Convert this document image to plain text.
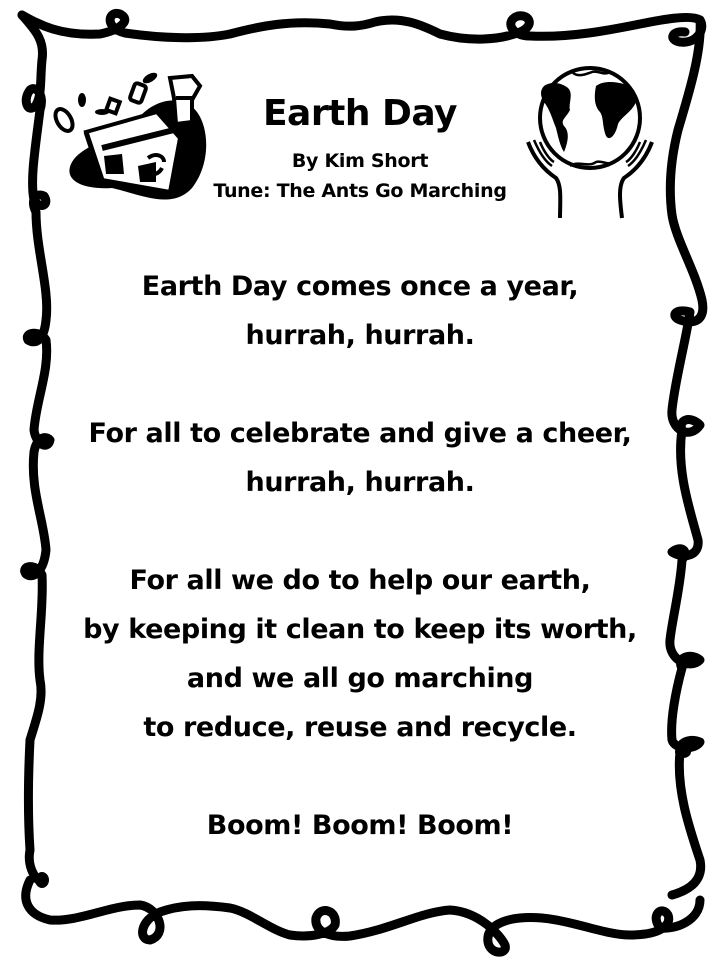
Earth Day
By Kim Short
Tune: The Ants Go Marching
Earth Day comes once a year,
hurrah, hurrah.
For all to celebrate and give a cheer,
hurrah, hurrah.
For all we do to help our earth,
by keeping it clean to keep its worth,
and we all go marching
to reduce, reuse and recycle.
Boom! Boom! Boom!
